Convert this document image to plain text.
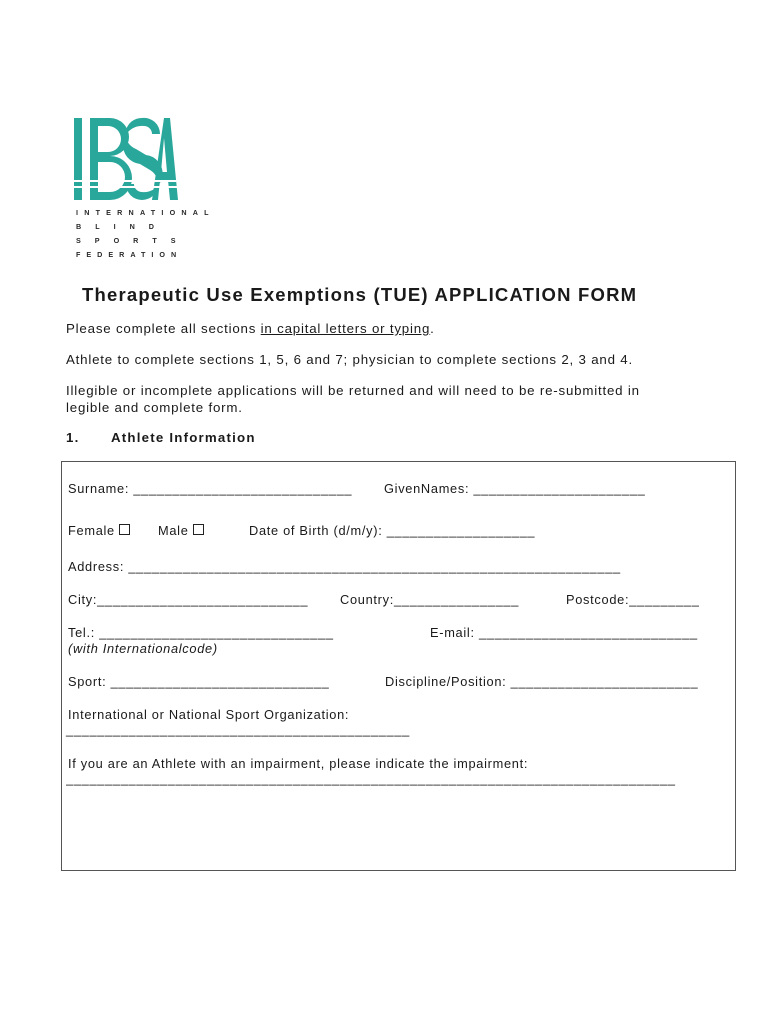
INTERNATIONAL
BLIND
SPORTS
FEDERATION
Therapeutic Use Exemptions (TUE) APPLICATION FORM
Please complete all sections in capital letters or typing.
Athlete to complete sections 1, 5, 6 and 7; physician to complete sections 2, 3 and 4.
Illegible or incomplete applications will be returned and will need to be re-submitted in
legible and complete form.
1. Athlete Information
Surname: ____________________________ GivenNames: ______________________
Female	Male	Date of Birth (d/m/y): ___________________
Address: _______________________________________________________________
City:___________________________ Country:________________	Postcode:_________
Tel.: ______________________________	E-mail: ____________________________
(with Internationalcode)
Sport: ____________________________	Discipline/Position: ________________________
International or National Sport Organization:
____________________________________________
If you are an Athlete with an impairment, please indicate the impairment:
______________________________________________________________________________
